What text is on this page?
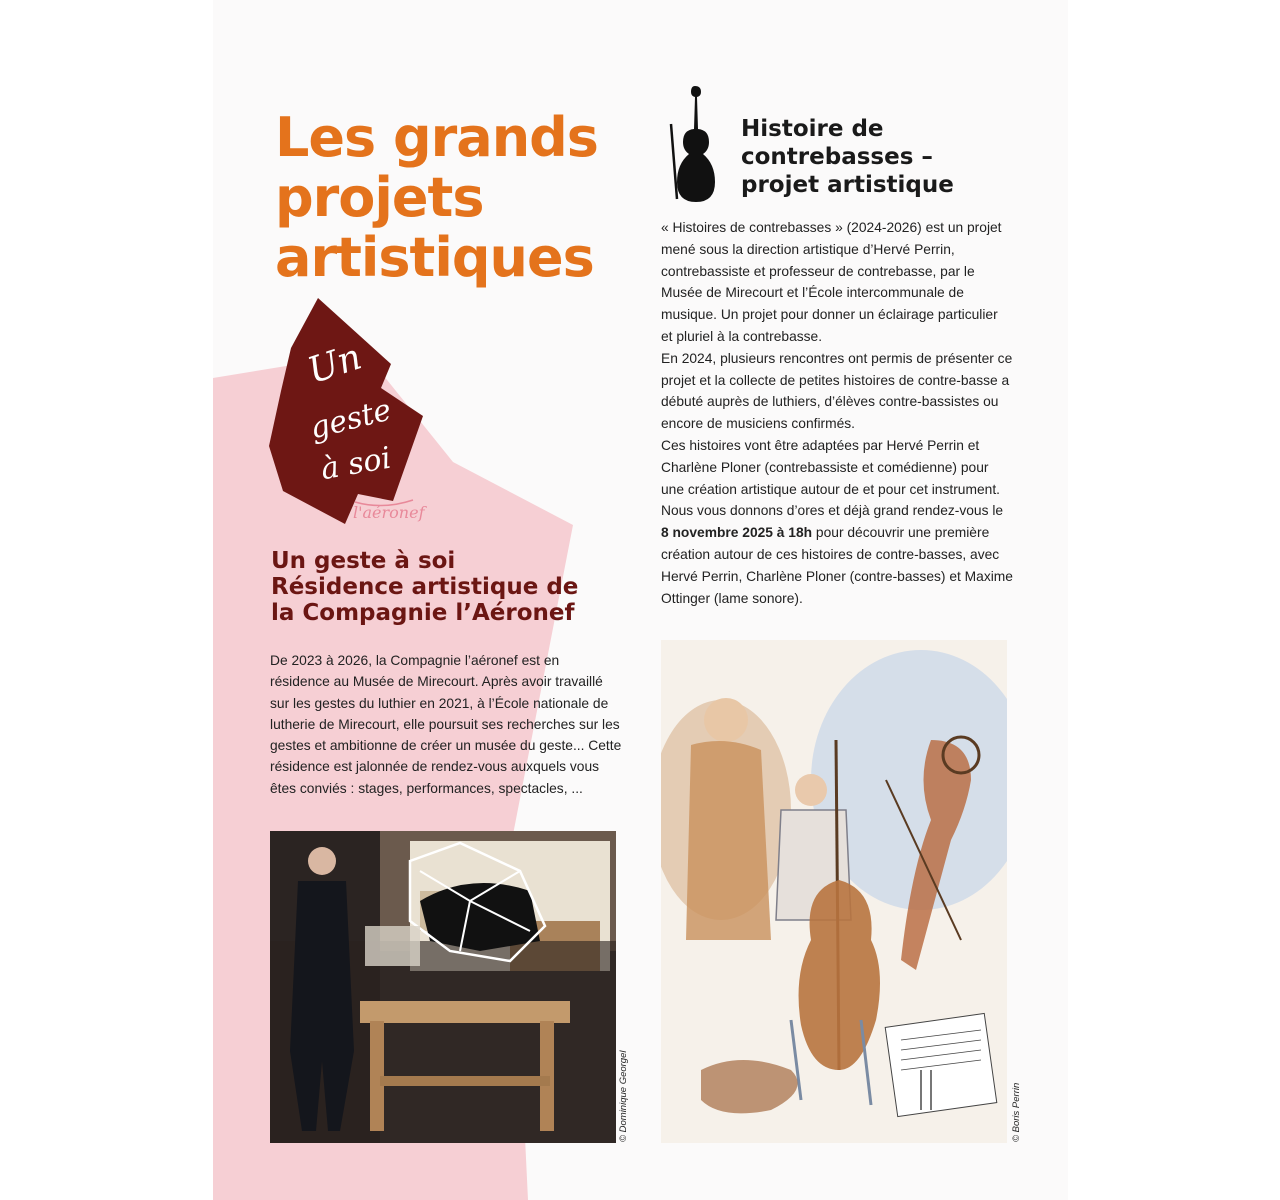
Les grands projets artistiques
Un
geste
à soi
l'aéronef
Un geste à soi
Résidence artistique de
la Compagnie l’Aéronef

De 2023 à 2026, la Compagnie l’aéronef est en résidence au Musée de Mirecourt. Après avoir travaillé sur les gestes du luthier en 2021, à l’École nationale de lutherie de Mirecourt, elle poursuit ses recherches sur les gestes et ambitionne de créer un musée du geste... Cette résidence est jalonnée de rendez-vous auxquels vous êtes conviés : stages, performances, spectacles, ...

© Dominique Georgel
Histoire de
contrebasses –
projet artistique

« Histoires de contrebasses » (2024-2026) est un projet mené sous la direction artistique d’Hervé Perrin, contrebassiste et professeur de contrebasse, par le Musée de Mirecourt et l’École intercommunale de musique. Un projet pour donner un éclairage particulier et pluriel à la contrebasse.

En 2024, plusieurs rencontres ont permis de présenter ce projet et la collecte de petites histoires de contre-basse a débuté auprès de luthiers, d’élèves contre-bassistes ou encore de musiciens confirmés.

Ces histoires vont être adaptées par Hervé Perrin et Charlène Ploner (contrebassiste et comédienne) pour une création artistique autour de et pour cet instrument.

Nous vous donnons d’ores et déjà grand rendez-vous le 8 novembre 2025 à 18h pour découvrir une première création autour de ces histoires de contre-basses, avec Hervé Perrin, Charlène Ploner (contre-basses) et Maxime Ottinger (lame sonore).

© Boris Perrin
